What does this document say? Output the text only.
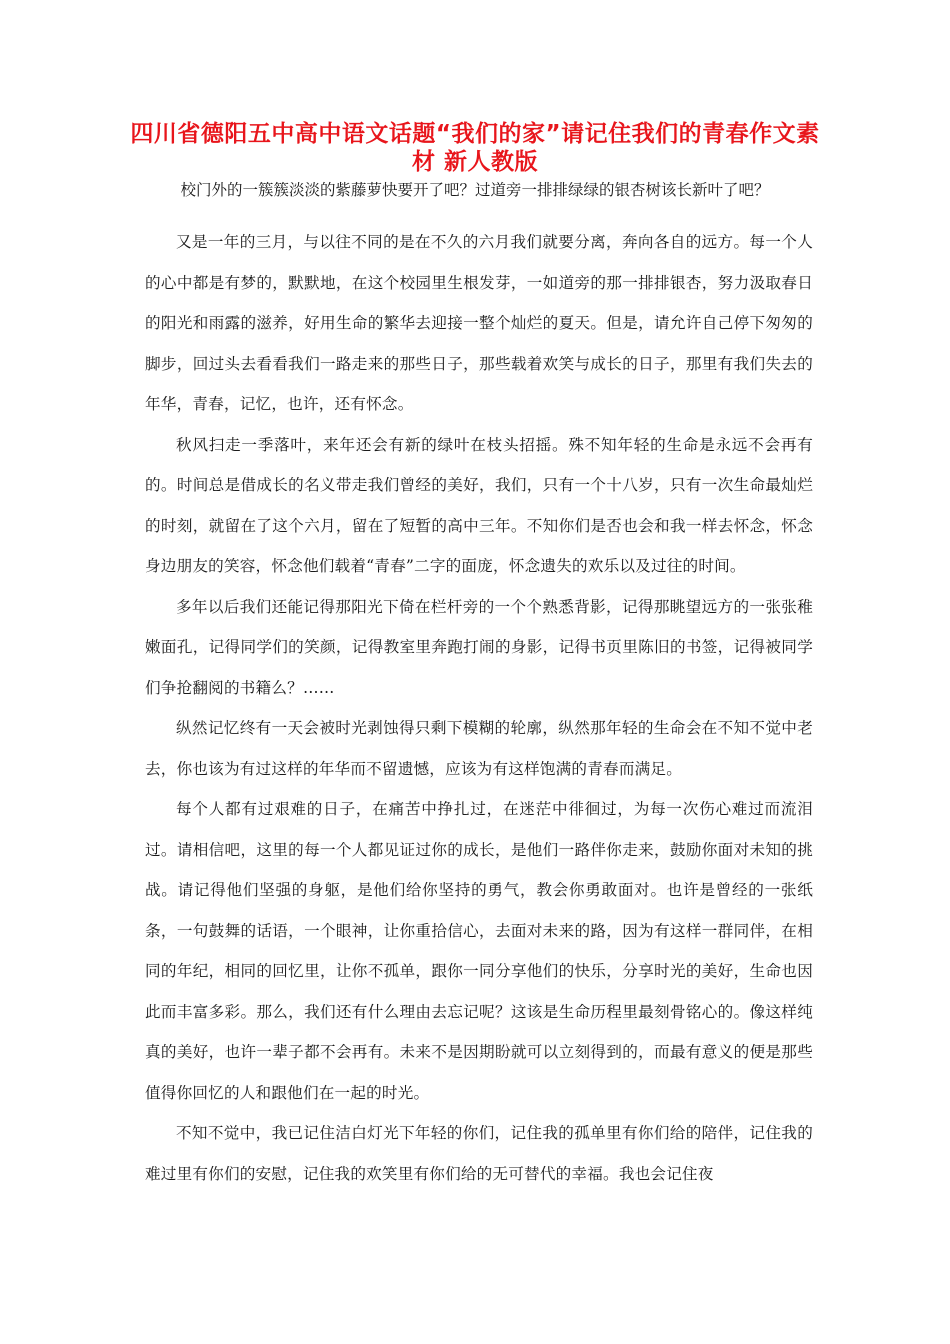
四川省德阳五中高中语文话题“我们的家”请记住我们的青春作文素材 新人教版
校门外的一簇簇淡淡的紫藤萝快要开了吧？过道旁一排排绿绿的银杏树该长新叶了吧？

又是一年的三月，与以往不同的是在不久的六月我们就要分离，奔向各自的远方。每一个人的心中都是有梦的，默默地，在这个校园里生根发芽，一如道旁的那一排排银杏，努力汲取春日的阳光和雨露的滋养，好用生命的繁华去迎接一整个灿烂的夏天。但是，请允许自己停下匆匆的脚步，回过头去看看我们一路走来的那些日子，那些载着欢笑与成长的日子，那里有我们失去的年华，青春，记忆，也许，还有怀念。

秋风扫走一季落叶，来年还会有新的绿叶在枝头招摇。殊不知年轻的生命是永远不会再有的。时间总是借成长的名义带走我们曾经的美好，我们，只有一个十八岁，只有一次生命最灿烂的时刻，就留在了这个六月，留在了短暂的高中三年。不知你们是否也会和我一样去怀念，怀念身边朋友的笑容，怀念他们载着“青春”二字的面庞，怀念遗失的欢乐以及过往的时间。

多年以后我们还能记得那阳光下倚在栏杆旁的一个个熟悉背影，记得那眺望远方的一张张稚嫩面孔，记得同学们的笑颜，记得教室里奔跑打闹的身影，记得书页里陈旧的书签，记得被同学们争抢翻阅的书籍么？……

纵然记忆终有一天会被时光剥蚀得只剩下模糊的轮廓，纵然那年轻的生命会在不知不觉中老去，你也该为有过这样的年华而不留遗憾，应该为有这样饱满的青春而满足。

每个人都有过艰难的日子，在痛苦中挣扎过，在迷茫中徘徊过，为每一次伤心难过而流泪过。请相信吧，这里的每一个人都见证过你的成长，是他们一路伴你走来，鼓励你面对未知的挑战。请记得他们坚强的身躯，是他们给你坚持的勇气，教会你勇敢面对。也许是曾经的一张纸条，一句鼓舞的话语，一个眼神，让你重拾信心，去面对未来的路，因为有这样一群同伴，在相同的年纪，相同的回忆里，让你不孤单，跟你一同分享他们的快乐，分享时光的美好，生命也因此而丰富多彩。那么，我们还有什么理由去忘记呢？这该是生命历程里最刻骨铭心的。像这样纯真的美好，也许一辈子都不会再有。未来不是因期盼就可以立刻得到的，而最有意义的便是那些值得你回忆的人和跟他们在一起的时光。

不知不觉中，我已记住洁白灯光下年轻的你们，记住我的孤单里有你们给的陪伴，记住我的难过里有你们的安慰，记住我的欢笑里有你们给的无可替代的幸福。我也会记住夜
